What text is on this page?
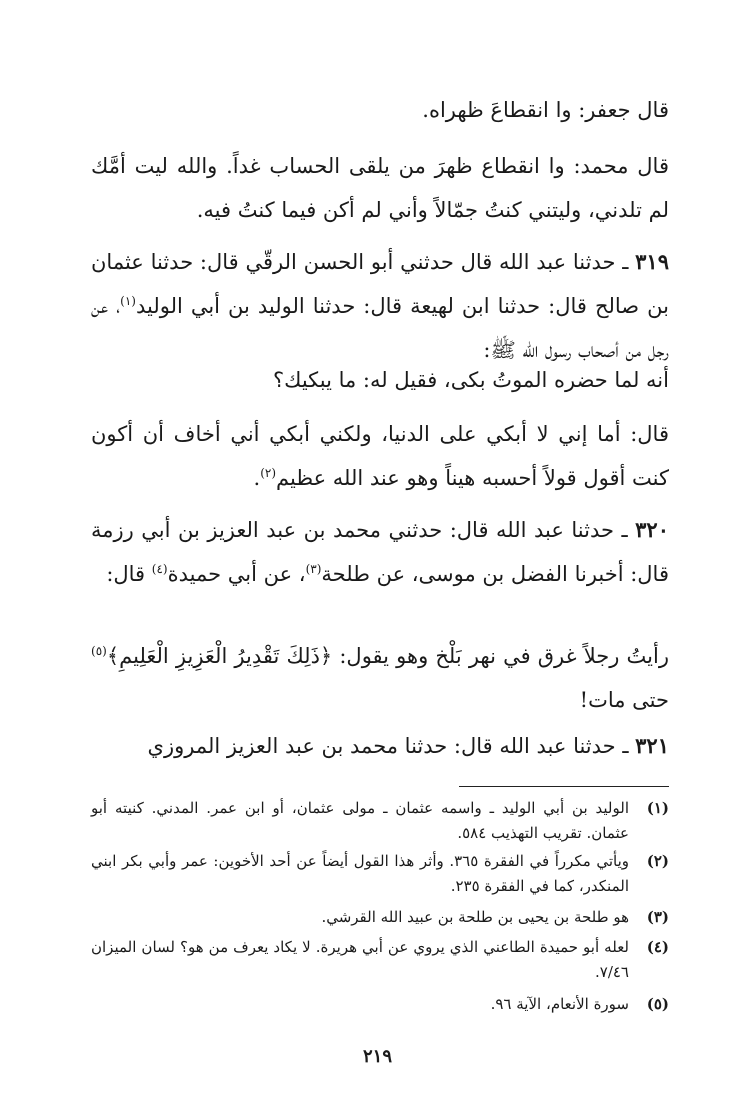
قال جعفر: وا انقطاعَ ظهراه.

قال محمد: وا انقطاع ظهرَ من يلقى الحساب غداً. والله ليت أمَّك لم تلدني، وليتني كنتُ جمّالاً وأني لم أكن فيما كنتُ فيه.

٣١٩ ـ حدثنا عبد الله قال حدثني أبو الحسن الرقّي قال: حدثنا عثمان بن صالح قال: حدثنا ابن لهيعة قال: حدثنا الوليد بن أبي الوليد$^{(١)}$، عن رجل من أصحاب رسول الله ﷺ:

أنه لما حضره الموتُ بكى، فقيل له: ما يبكيك؟

قال: أما إني لا أبكي على الدنيا، ولكني أبكي أني أخاف أن أكون كنت أقول قولاً أحسبه هيناً وهو عند الله عظيم$^{(٢)}$.

٣٢٠ ـ حدثنا عبد الله قال: حدثني محمد بن عبد العزيز بن أبي رزمة قال: أخبرنا الفضل بن موسى، عن طلحة$^{(٣)}$، عن أبي حميدة$^{(٤)}$ قال:

رأيتُ رجلاً غرق في نهر بَلْخ وهو يقول: ﴿ذَلِكَ تَقْدِيرُ الْعَزِيزِ الْعَلِيمِ﴾$^{(٥)}$ حتى مات!

٣٢١ ـ حدثنا عبد الله قال: حدثنا محمد بن عبد العزيز المروزي

(١)
الوليد بن أبي الوليد ـ واسمه عثمان ـ مولى عثمان، أو ابن عمر. المدني. كنيته أبو عثمان. تقريب التهذيب ٥٨٤.
(٢)
ويأتي مكرراً في الفقرة ٣٦٥. وأثر هذا القول أيضاً عن أحد الأخوين: عمر وأبي بكر ابني المنكدر، كما في الفقرة ٢٣٥.
(٣)
هو طلحة بن يحيى بن طلحة بن عبيد الله القرشي.
(٤)
لعله أبو حميدة الطاعني الذي يروي عن أبي هريرة. لا يكاد يعرف من هو؟ لسان الميزان ٧/٤٦.
(٥)
سورة الأنعام، الآية ٩٦.
٢١٩
